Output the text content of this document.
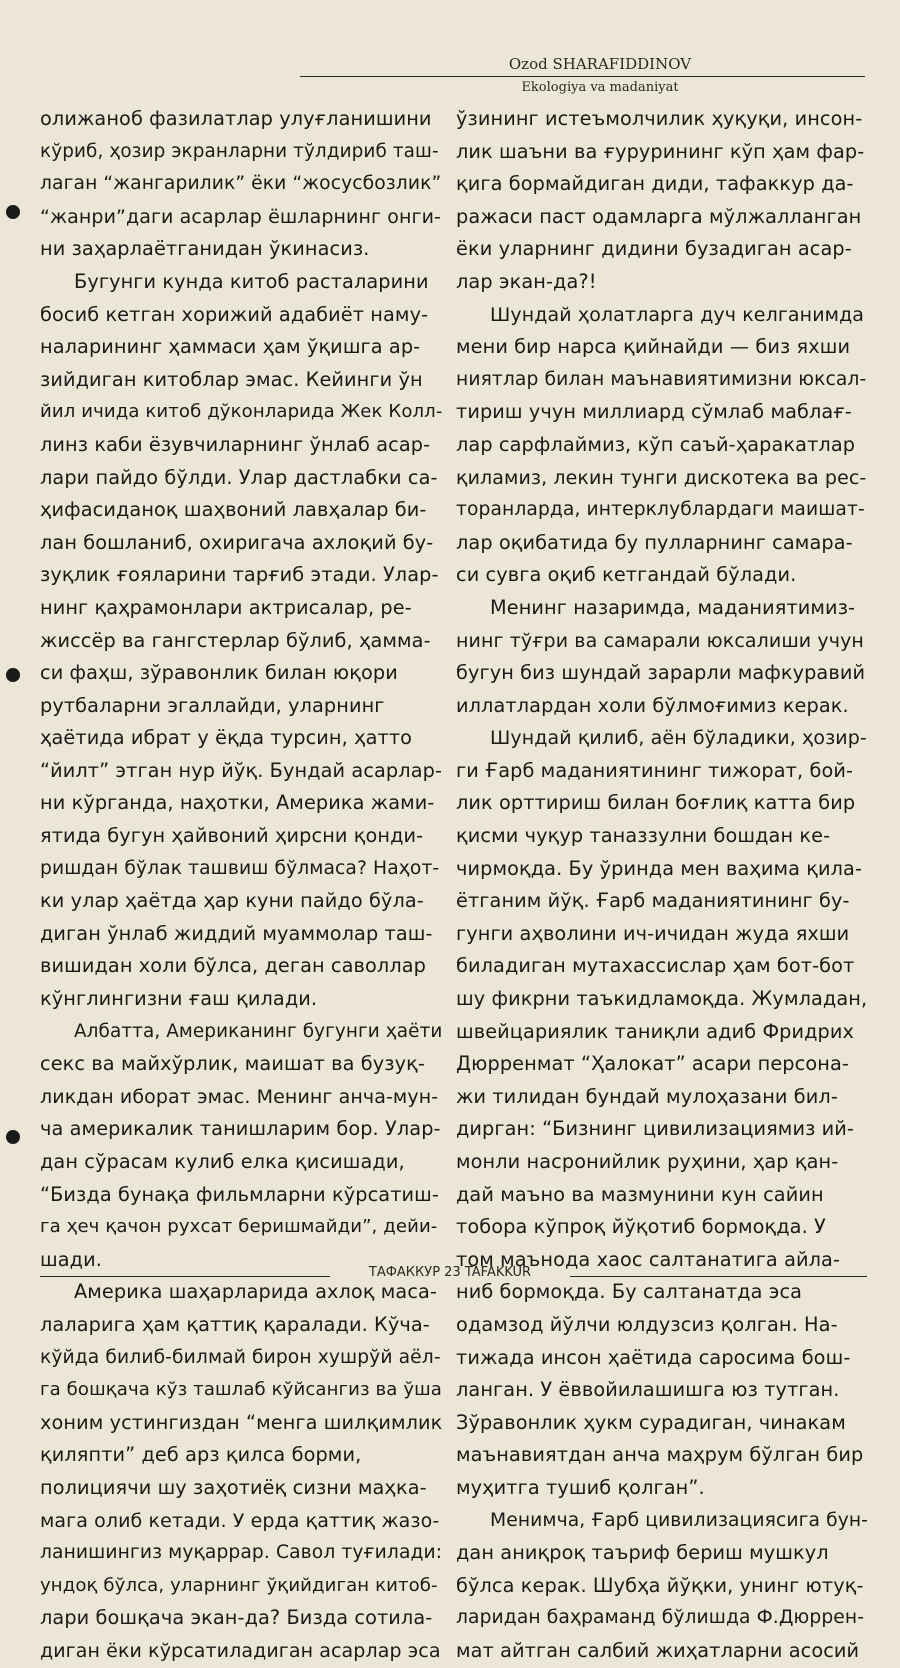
Ozod SHARAFIDDINOV
Ekologiya va madaniyat
олижаноб фазилатлар улуғланишини
кўриб, ҳозир экранларни тўлдириб таш-
лаган “жангарилик” ёки “жосусбозлик”
“жанри”даги асарлар ёшларнинг онги-
ни заҳарлаётганидан ўкинасиз.
Бугунги кунда китоб расталарини
босиб кетган хорижий адабиёт наму-
наларининг ҳаммаси ҳам ўқишга ар-
зийдиган китоблар эмас. Кейинги ўн
йил ичида китоб дўконларида Жек Колл-
линз каби ёзувчиларнинг ўнлаб асар-
лари пайдо бўлди. Улар дастлабки са-
ҳифасиданоқ шаҳвоний лавҳалар би-
лан бошланиб, охиригача ахлоқий бу-
зуқлик ғояларини тарғиб этади. Улар-
нинг қаҳрамонлари актрисалар, ре-
жиссёр ва гангстерлар бўлиб, ҳамма-
си фаҳш, зўравонлик билан юқори
рутбаларни эгаллайди, уларнинг
ҳаётида ибрат у ёқда турсин, ҳатто
“йилт” этган нур йўқ. Бундай асарлар-
ни кўрганда, наҳотки, Америка жами-
ятида бугун ҳайвоний ҳирсни қонди-
ришдан бўлак ташвиш бўлмаса? Наҳот-
ки улар ҳаётда ҳар куни пайдо бўла-
диган ўнлаб жиддий муаммолар таш-
вишидан холи бўлса, деган саволлар
кўнглингизни ғаш қилади.
Албатта, Американинг бугунги ҳаёти
секс ва майхўрлик, маишат ва бузуқ-
ликдан иборат эмас. Менинг анча-мун-
ча америкалик танишларим бор. Улар-
дан сўрасам кулиб елка қисишади,
“Бизда бунақа фильмларни кўрсатиш-
га ҳеч қачон рухсат беришмайди”, дейи-
шади.
Америка шаҳарларида ахлоқ маса-
лаларига ҳам қаттиқ қаралади. Кўча-
кўйда билиб-билмай бирон хушрўй аёл-
га бошқача кўз ташлаб кўйсангиз ва ўша
хоним устингиздан “менга шилқимлик
қиляпти” деб арз қилса борми,
полициячи шу заҳотиёқ сизни маҳка-
мага олиб кетади. У ерда қаттиқ жазо-
ланишингиз муқаррар. Савол туғилади:
ундоқ бўлса, уларнинг ўқийдиган китоб-
лари бошқача экан-да? Бизда сотила-
диган ёки кўрсатиладиган асарлар эса
ўзининг истеъмолчилик ҳуқуқи, инсон-
лик шаъни ва ғурурининг кўп ҳам фар-
қига бормайдиган диди, тафаккур да-
ражаси паст одамларга мўлжалланган
ёки уларнинг дидини бузадиган асар-
лар экан-да?!
Шундай ҳолатларга дуч келганимда
мени бир нарса қийнайди — биз яхши
ниятлар билан маънавиятимизни юксал-
тириш учун миллиард сўмлаб маблағ-
лар сарфлаймиз, кўп саъй-ҳаракатлар
қиламиз, лекин тунги дискотека ва рес-
торанларда, интерклублардаги маишат-
лар оқибатида бу пулларнинг самара-
си сувга оқиб кетгандай бўлади.
Менинг назаримда, маданиятимиз-
нинг тўғри ва самарали юксалиши учун
бугун биз шундай зарарли мафкуравий
иллатлардан холи бўлмоғимиз керак.
Шундай қилиб, аён бўладики, ҳозир-
ги Ғарб маданиятининг тижорат, бой-
лик орттириш билан боғлиқ катта бир
қисми чуқур таназзулни бошдан ке-
чирмоқда. Бу ўринда мен ваҳима қила-
ётганим йўқ. Ғарб маданиятининг бу-
гунги аҳволини ич-ичидан жуда яхши
биладиган мутахассислар ҳам бот-бот
шу фикрни таъкидламоқда. Жумладан,
швейцариялик таниқли адиб Фридрих
Дюрренмат “Ҳалокат” асари персона-
жи тилидан бундай мулоҳазани бил-
дирган: “Бизнинг цивилизациямиз ий-
монли насронийлик руҳини, ҳар қан-
дай маъно ва мазмунини кун сайин
тобора кўпроқ йўқотиб бормоқда. У
том маънода хаос салтанатига айла-
ниб бормоқда. Бу салтанатда эса
одамзод йўлчи юлдузсиз қолган. На-
тижада инсон ҳаётида саросима бош-
ланган. У ёввойилашишга юз тутган.
Зўравонлик ҳукм сурадиган, чинакам
маънавиятдан анча маҳрум бўлган бир
муҳитга тушиб қолган”.
Менимча, Ғарб цивилизациясига бун-
дан аниқроқ таъриф бериш мушкул
бўлса керак. Шубҳа йўқки, унинг ютуқ-
ларидан баҳраманд бўлишда Ф.Дюррен-
мат айтган салбий жиҳатларни асосий
ТАФАККУР 23 TAFAKKUR
